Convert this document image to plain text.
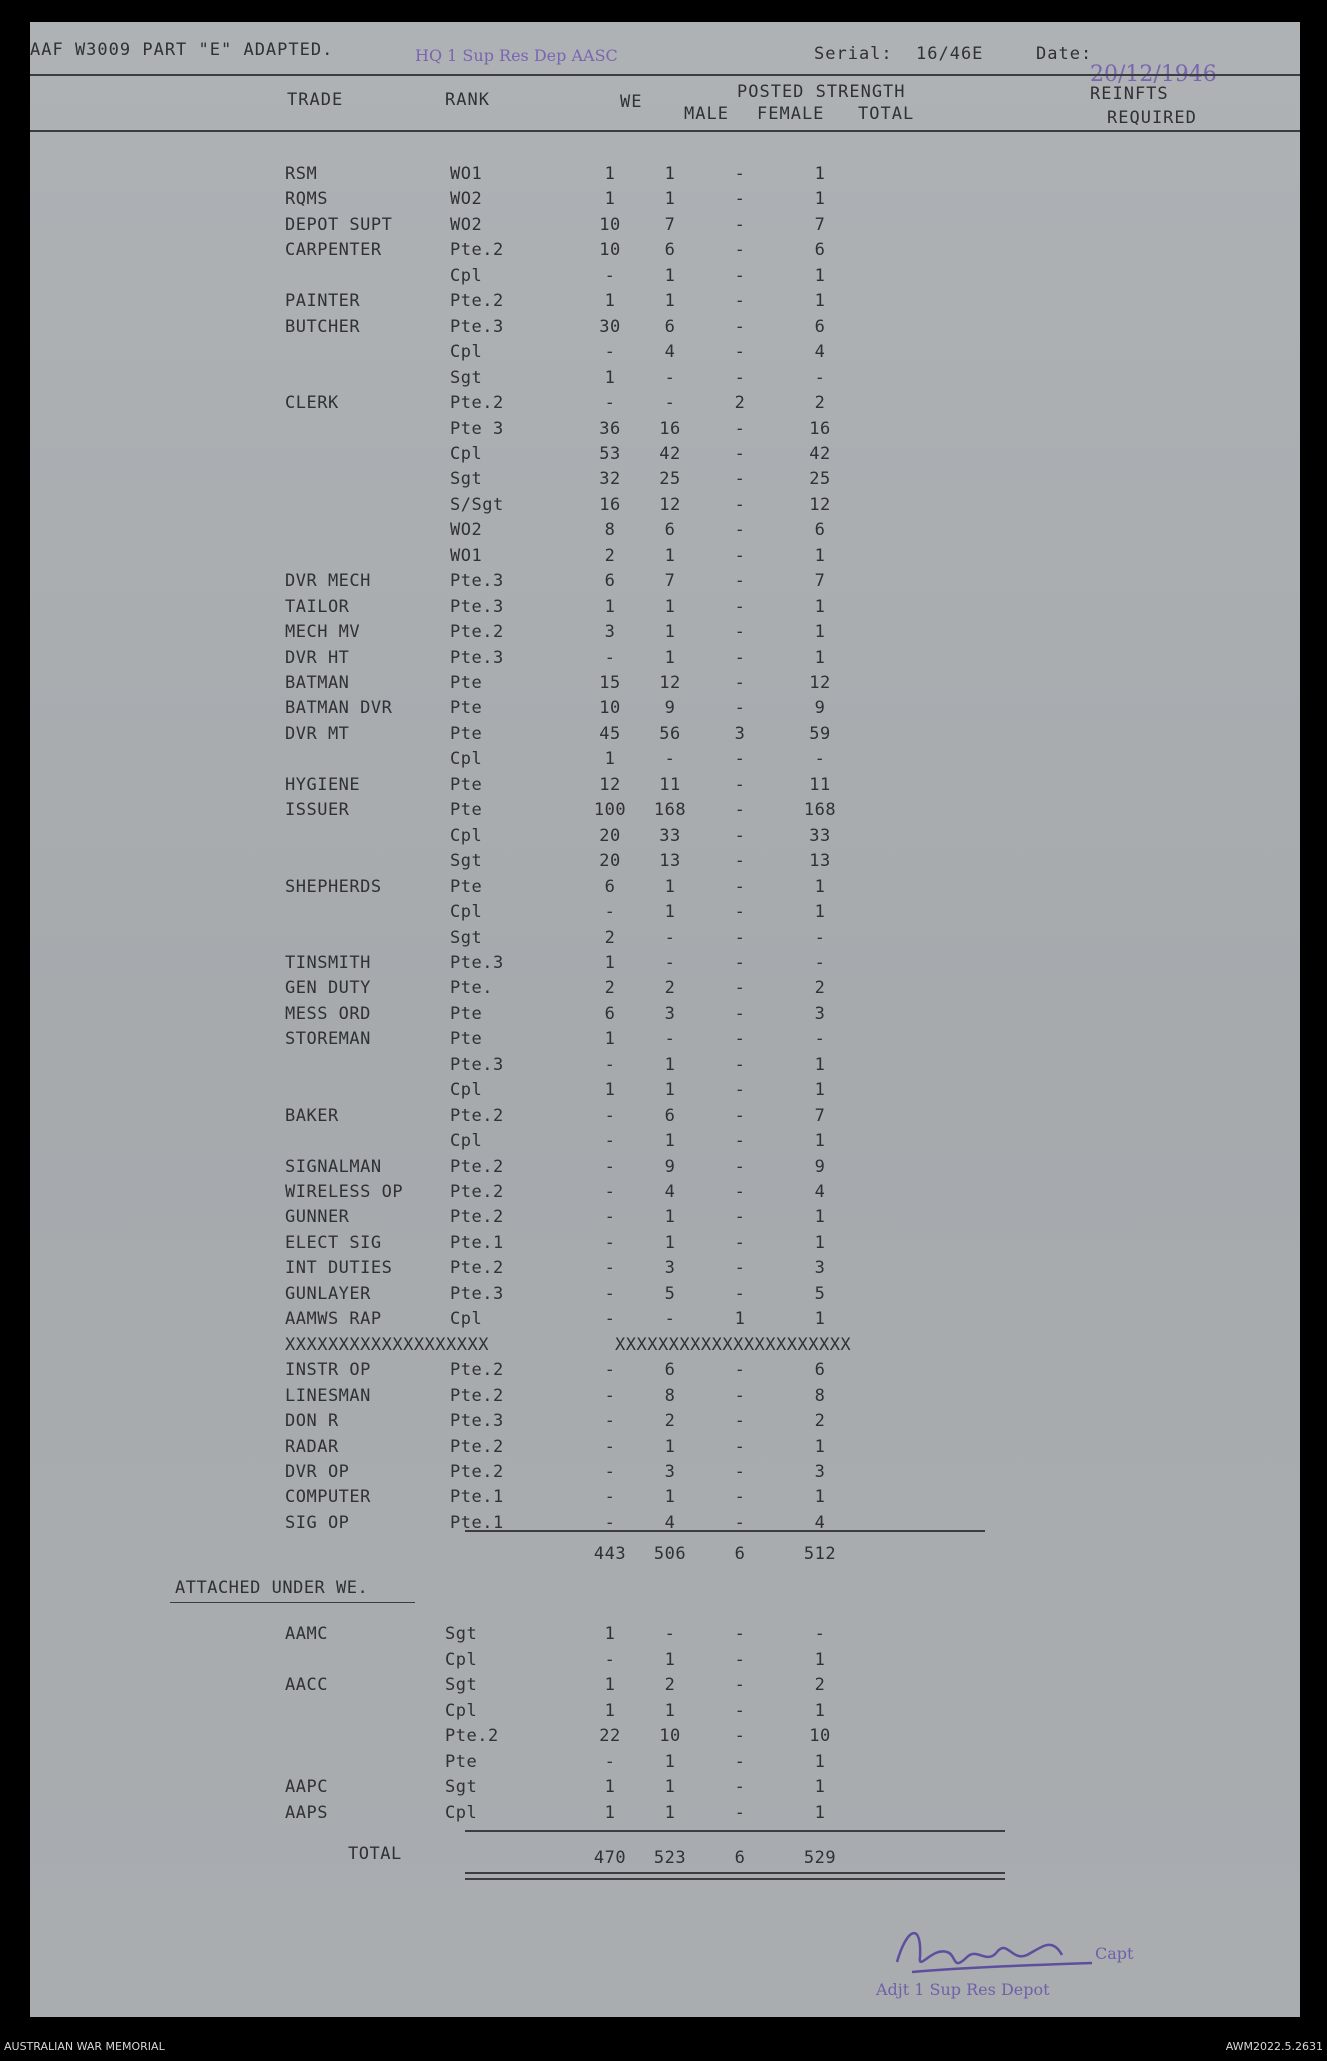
AAF W3009 PART "E" ADAPTED.	HQ 1 Sup Res Dep AASC	Serial: 16/46E	Date:
20/12/1946
TRADE	RANK	WE	POSTED STRENGTH
MALE FEMALE TOTAL
REINFTS
REQUIRED
RSM	WO1	1	1	-	1
RQMS	WO2	1	1	-	1
DEPOT SUPT	WO2	10	7	-	7
CARPENTER	Pte.2	10	6	-	6
Cpl	-	1	-	1
PAINTER	Pte.2	1	1	-	1
BUTCHER	Pte.3	30	6	-	6
Cpl	-	4	-	4
Sgt	1	-	-	-
CLERK	Pte.2	-	-	2	2
Pte 3	36	16	-	16
Cpl	53	42	-	42
Sgt	32	25	-	25
S/Sgt	16	12	-	12
WO2	8	6	-	6
WO1	2	1	-	1
DVR MECH	Pte.3	6	7	-	7
TAILOR	Pte.3	1	1	-	1
MECH MV	Pte.2	3	1	-	1
DVR HT	Pte.3	-	1	-	1
BATMAN	Pte	15	12	-	12
BATMAN DVR	Pte	10	9	-	9
DVR MT	Pte	45	56	3	59
Cpl	1	-	-	-
HYGIENE	Pte	12	11	-	11
ISSUER	Pte	100	168	-	168
Cpl	20	33	-	33
Sgt	20	13	-	13
SHEPHERDS	Pte	6	1	-	1
Cpl	-	1	-	1
Sgt	2	-	-	-
TINSMITH	Pte.3	1	-	-	-
GEN DUTY	Pte.	2	2	-	2
MESS ORD	Pte	6	3	-	3
STOREMAN	Pte	1	-	-	-
Pte.3	-	1	-	1
Cpl	1	1	-	1
BAKER	Pte.2	-	6	-	7
Cpl	-	1	-	1
SIGNALMAN	Pte.2	-	9	-	9
WIRELESS OP	Pte.2	-	4	-	4
GUNNER	Pte.2	-	1	-	1
ELECT SIG	Pte.1	-	1	-	1
INT DUTIES	Pte.2	-	3	-	3
GUNLAYER	Pte.3	-	5	-	5
AAMWS RAP	Cpl	-	-	1	1
XXXXXXXXXXXXXXXXXXX	XXXXXXXXXXXXXXXXXXXXXX
INSTR OP	Pte.2	-	6	-	6
LINESMAN	Pte.2	-	8	-	8
DON R	Pte.3	-	2	-	2
RADAR	Pte.2	-	1	-	1
DVR OP	Pte.2	-	3	-	3
COMPUTER	Pte.1	-	1	-	1
SIG OP	Pte.1	-	4	-	4
443	506	6	512
ATTACHED UNDER WE.
AAMC	Sgt	1	-	-	-
Cpl	-	1	-	1
AACC	Sgt	1	2	-	2
Cpl	1	1	-	1
Pte.2	22	10	-	10
Pte	-	1	-	1
AAPC	Sgt	1	1	-	1
AAPS	Cpl	1	1	-	1
TOTAL	470	523	6	529
Capt
Adjt 1 Sup Res Depot
AUSTRALIAN WAR MEMORIAL	AWM2022.5.2631
